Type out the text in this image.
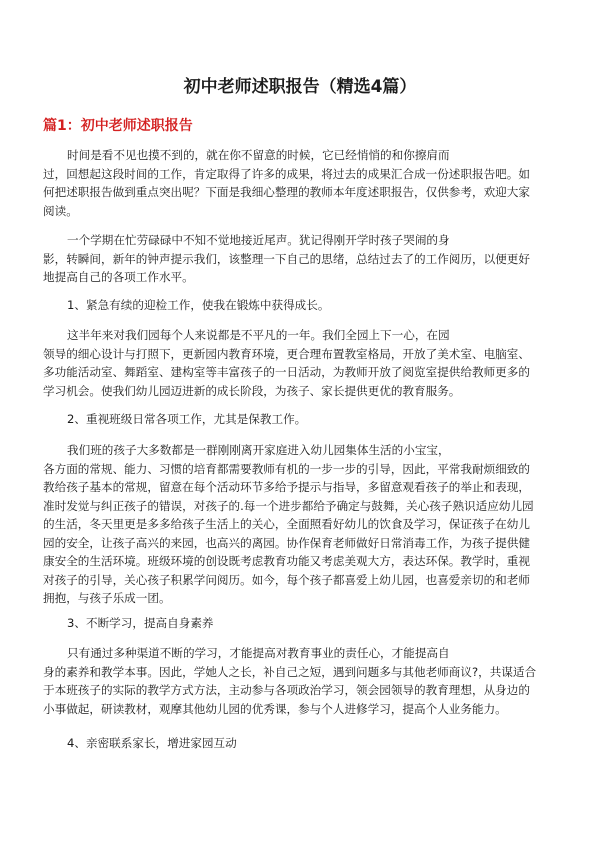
初中老师述职报告（精选4篇）
篇1：初中老师述职报告
时间是看不见也摸不到的，就在你不留意的时候，它已经悄悄的和你擦肩而
过，回想起这段时间的工作，肯定取得了许多的成果，将过去的成果汇合成一份述职报告吧。如
何把述职报告做到重点突出呢？下面是我细心整理的教师本年度述职报告，仅供参考，欢迎大家
阅读。
一个学期在忙劳碌碌中不知不觉地接近尾声。犹记得刚开学时孩子哭闹的身
影，转瞬间，新年的钟声提示我们，该整理一下自己的思绪，总结过去了的工作阅历，以便更好
地提高自己的各项工作水平。
1、紧急有续的迎检工作，使我在锻炼中获得成长。
这半年来对我们园每个人来说都是不平凡的一年。我们全园上下一心，在园
领导的细心设计与打照下，更新园内教育环境，更合理布置教室格局，开放了美术室、电脑室、
多功能活动室、舞蹈室、建构室等丰富孩子的一日活动，为教师开放了阅览室提供给教师更多的
学习机会。使我们幼儿园迈进新的成长阶段，为孩子、家长提供更优的教育服务。
2、重视班级日常各项工作，尤其是保教工作。
我们班的孩子大多数都是一群刚刚离开家庭进入幼儿园集体生活的小宝宝，
各方面的常规、能力、习惯的培育都需要教师有机的一步一步的引导，因此，平常我耐烦细致的
教给孩子基本的常规，留意在每个活动环节多给予提示与指导，多留意观看孩子的举止和表现，
准时发觉与纠正孩子的错误，对孩子的.每一个进步都给予确定与鼓舞，关心孩子熟识适应幼儿园
的生活，冬天里更是多多给孩子生活上的关心，全面照看好幼儿的饮食及学习，保证孩子在幼儿
园的安全，让孩子高兴的来园，也高兴的离园。协作保育老师做好日常消毒工作，为孩子提供健
康安全的生活环境。班级环境的创设既考虑教育功能又考虑美观大方，表达环保。教学时，重视
对孩子的引导，关心孩子积累学问阅历。如今，每个孩子都喜爱上幼儿园，也喜爱亲切的和老师
拥抱，与孩子乐成一团。
3、不断学习，提高自身素养
只有通过多种渠道不断的学习，才能提高对教育事业的责任心，才能提高自
身的素养和教学本事。因此，学她人之长，补自己之短，遇到问题多与其他老师商议?，共谋适合
于本班孩子的实际的教学方式方法，主动参与各项政治学习，领会园领导的教育理想，从身边的
小事做起，研读教材，观摩其他幼儿园的优秀课，参与个人进修学习，提高个人业务能力。
4、亲密联系家长，增进家园互动
